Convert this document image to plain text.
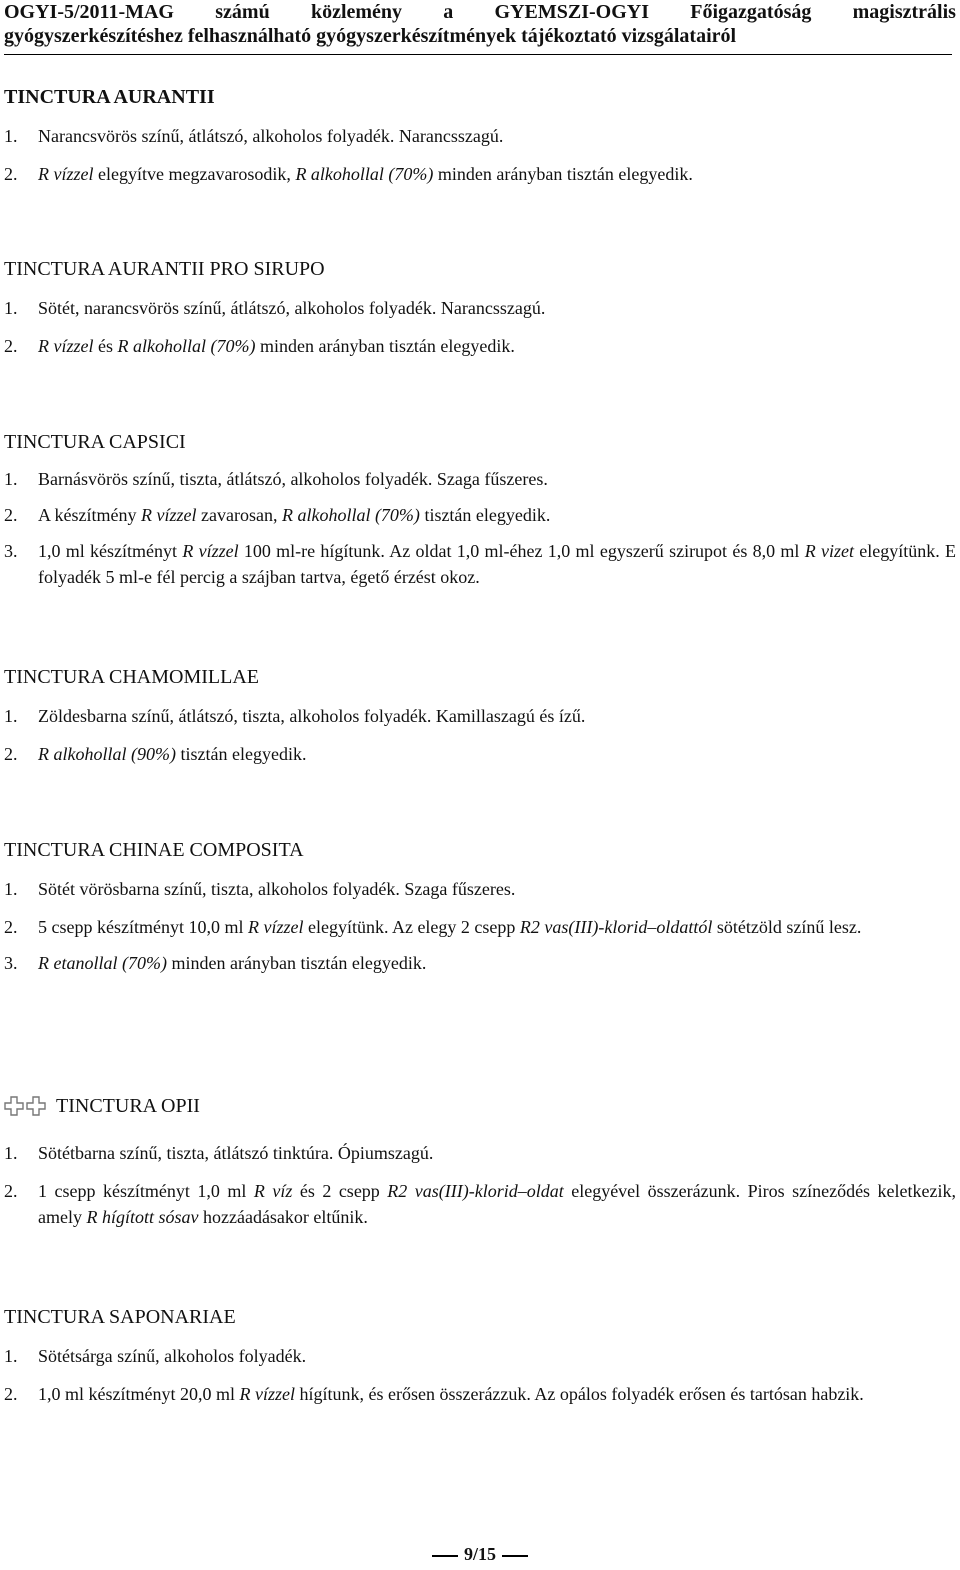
OGYI-5/2011-MAG számú közlemény a GYEMSZI-OGYI Főigazgatóság magisztrális
gyógyszerkészítéshez felhasználható gyógyszerkészítmények tájékoztató vizsgálatairól
TINCTURA AURANTII
1. Narancsvörös színű, átlátszó, alkoholos folyadék. Narancsszagú.
2. R vízzel elegyítve megzavarosodik, R alkohollal (70%) minden arányban tisztán elegyedik.
TINCTURA AURANTII PRO SIRUPO
1. Sötét, narancsvörös színű, átlátszó, alkoholos folyadék. Narancsszagú.
2. R vízzel és R alkohollal (70%) minden arányban tisztán elegyedik.
TINCTURA CAPSICI
1. Barnásvörös színű, tiszta, átlátszó, alkoholos folyadék. Szaga fűszeres.
2. A készítmény R vízzel zavarosan, R alkohollal (70%) tisztán elegyedik.
3. 1,0 ml készítményt R vízzel 100 ml-re hígítunk. Az oldat 1,0 ml-éhez 1,0 ml egyszerű szirupot és 8,0 ml R vizet elegyítünk. E folyadék 5 ml-e fél percig a szájban tartva, égető érzést okoz.
TINCTURA CHAMOMILLAE
1. Zöldesbarna színű, átlátszó, tiszta, alkoholos folyadék. Kamillaszagú és ízű.
2. R alkohollal (90%) tisztán elegyedik.
TINCTURA CHINAE COMPOSITA
1. Sötét vörösbarna színű, tiszta, alkoholos folyadék. Szaga fűszeres.
2. 5 csepp készítményt 10,0 ml R vízzel elegyítünk. Az elegy 2 csepp R2 vas(III)-klorid–oldattól sötétzöld színű lesz.
3. R etanollal (70%) minden arányban tisztán elegyedik.
TINCTURA OPII
1. Sötétbarna színű, tiszta, átlátszó tinktúra. Ópiumszagú.
2. 1 csepp készítményt 1,0 ml R víz és 2 csepp R2 vas(III)-klorid–oldat elegyével összerázunk. Piros színeződés keletkezik, amely R hígított sósav hozzáadásakor eltűnik.
TINCTURA SAPONARIAE
1. Sötétsárga színű, alkoholos folyadék.
2. 1,0 ml készítményt 20,0 ml R vízzel hígítunk, és erősen összerázzuk. Az opálos folyadék erősen és tartósan habzik.
9/15
